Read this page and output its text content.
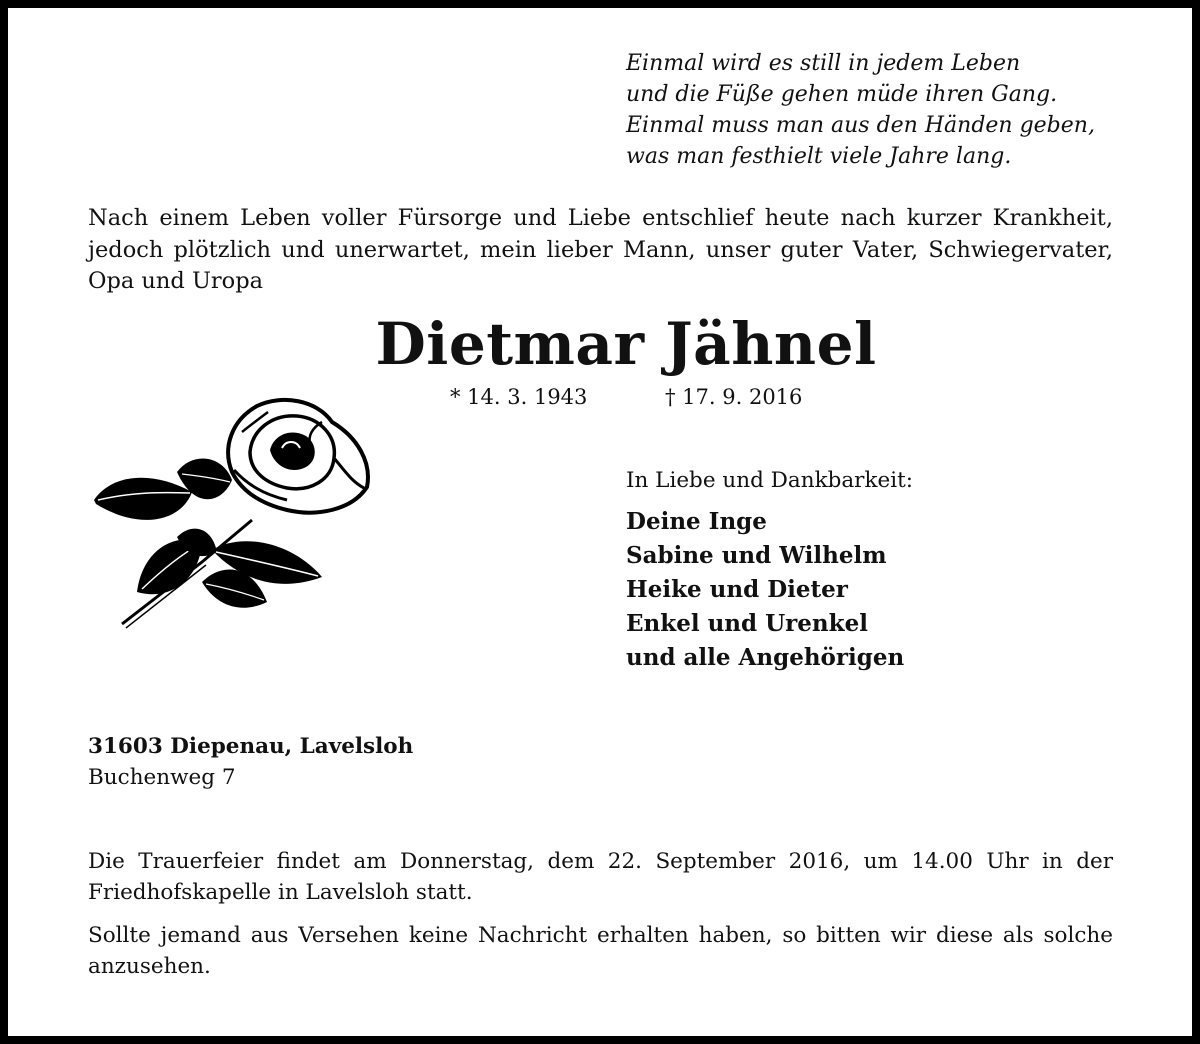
Einmal wird es still in jedem Leben
und die Füße gehen müde ihren Gang.
Einmal muss man aus den Händen geben,
was man festhielt viele Jahre lang.
Nach einem Leben voller Fürsorge und Liebe entschlief heute nach kurzer Krankheit, jedoch plötzlich und unerwartet, mein lieber Mann, unser guter Vater, Schwiegervater, Opa und Uropa
Dietmar Jähnel
* 14. 3. 1943	† 17. 9. 2016
In Liebe und Dankbarkeit:
Deine Inge
Sabine und Wilhelm
Heike und Dieter
Enkel und Urenkel
und alle Angehörigen
31603 Diepenau, Lavelsloh
Buchenweg 7

Die Trauerfeier findet am Donnerstag, dem 22. September 2016, um 14.00 Uhr in der Friedhofskapelle in Lavelsloh statt.

Sollte jemand aus Versehen keine Nachricht erhalten haben, so bitten wir diese als solche anzusehen.
